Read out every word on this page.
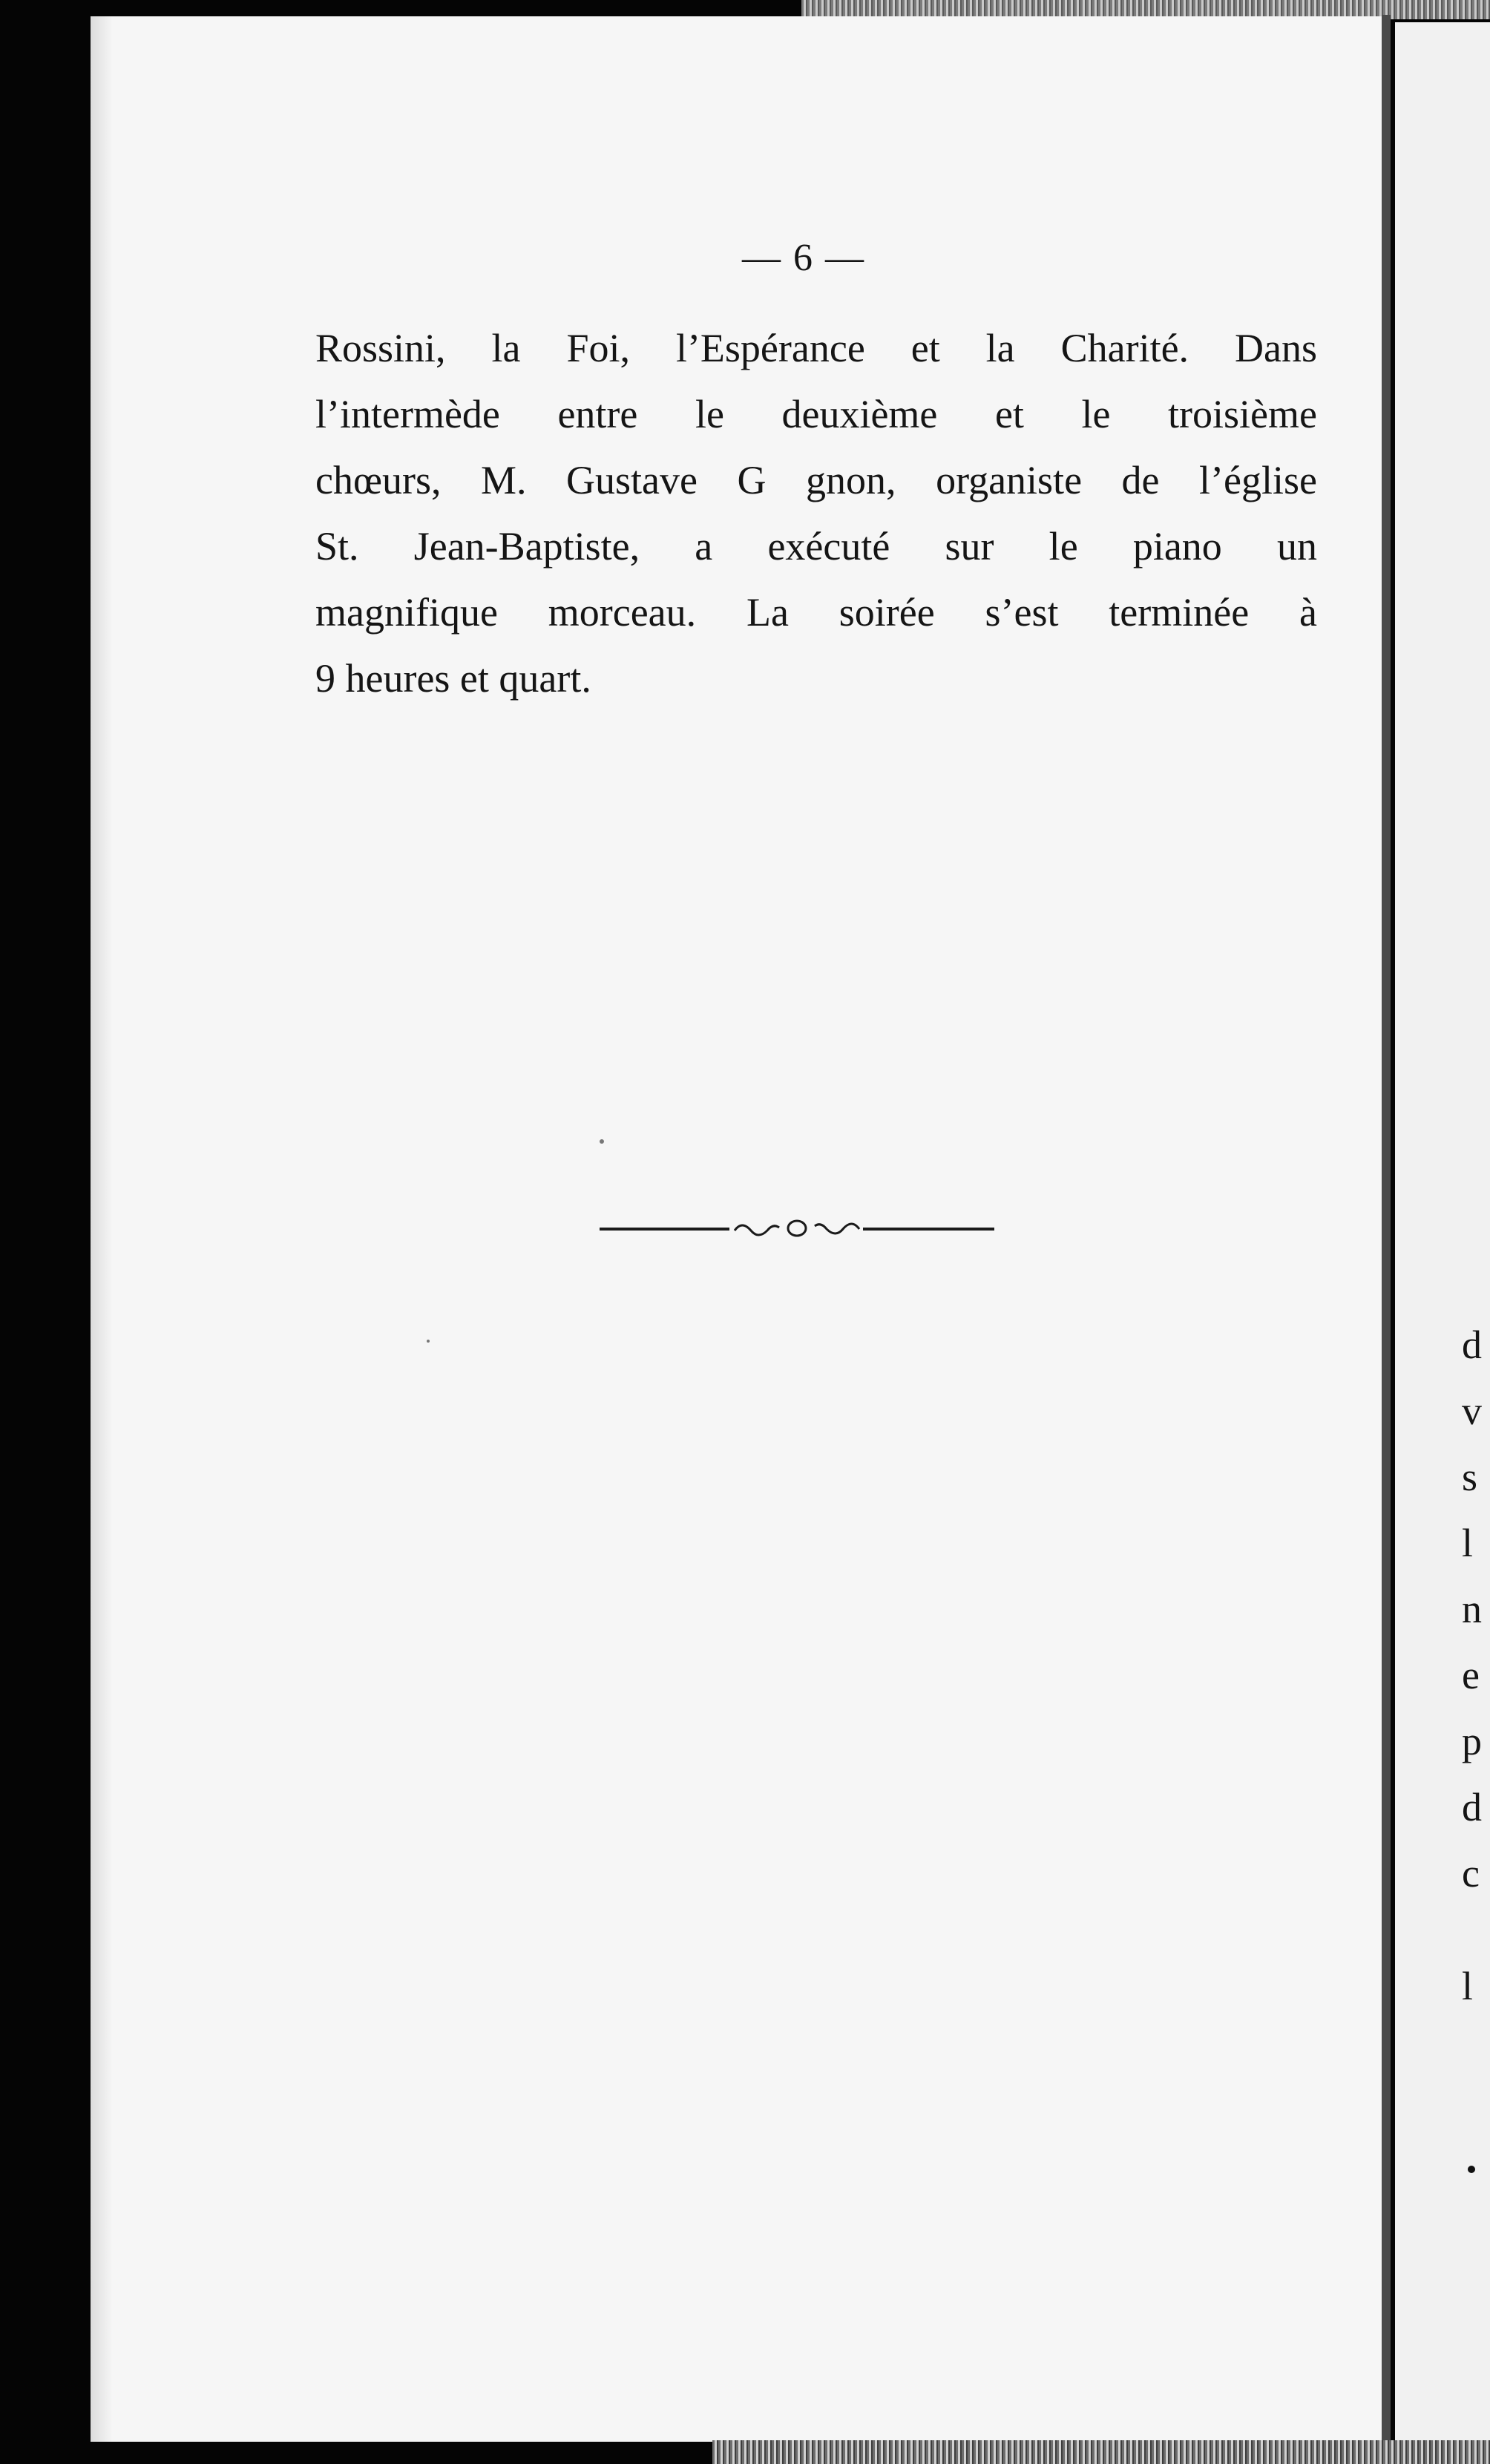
— 6 —

Rossini, la Foi, l’Espérance et la Charité. Dans
l’intermède entre le deuxième et le troisième
chœurs, M. Gustave G gnon, organiste de l’église
St. Jean-Baptiste, a exécuté sur le piano un
magnifique morceau. La soirée s’est terminée à
9 heures et quart.

d
v
s
l
n
e
p
d
c
l
